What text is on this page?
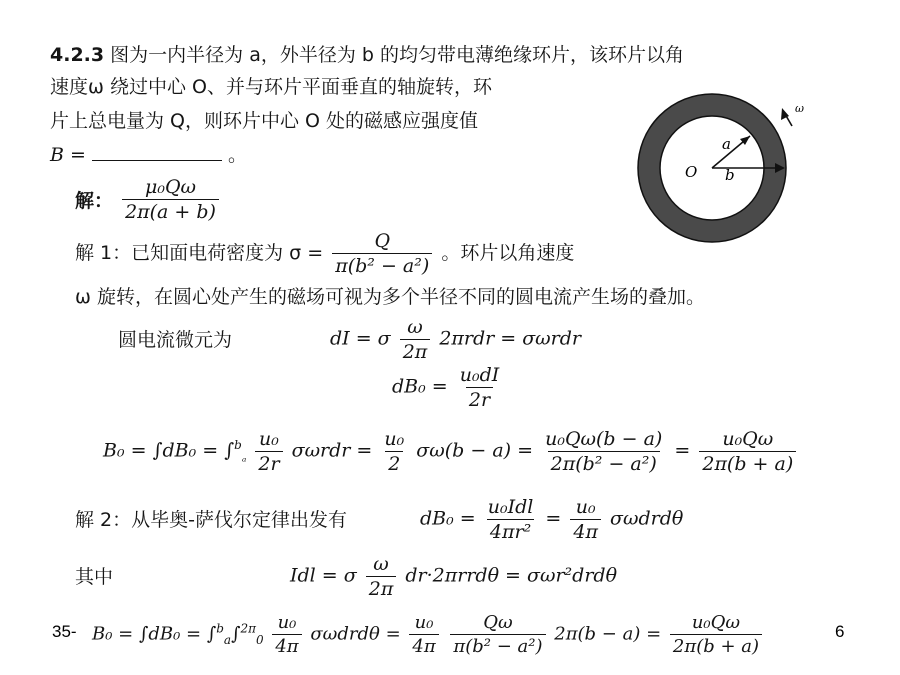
4.2.3 图为一内半径为 a，外半径为 b 的均匀带电薄绝缘环片，该环片以角
速度ω 绕过中心 O、并与环片平面垂直的轴旋转，环
片上总电量为 Q，则环片中心 O 处的磁感应强度值
B =	。
O
a
b
ω
解： $\frac{\text{μ₀Qω}}{2\pi(a + b)}$
解 1：已知面电荷密度为 $\sigma = \frac{Q}{\text{π(b² − a²)}}$ 。环片以角速度
ω 旋转，在圆心处产生的磁场可视为多个半径不同的圆电流产生场的叠加。
圆电流微元为	dI = σ $\frac{\omega}{2\pi} 2\pi rdr = \sigma\omega rdr$
$dB_0 = \frac{\text{u₀dI}}{2r}$
$B_0 = \int dB_0 = \int^b_{_a} \frac{\text{u₀}}{2r}$ $\sigma\omega rdr = \frac{\text{u₀}}{2} \sigma\omega(b - a) = \frac{\text{u₀Qω(b − a)}}{\text{2π(b² − a²)}} = \frac{\text{u₀Qω}}{2\pi(b + a)}$
解 2：从毕奥-萨伐尔定律出发有	$dB_0 = \frac{\text{u₀Idl}}{\text{4πr²}} = \frac{\text{u₀}}{4\pi}$ σωdrdθ
其中	Idl = σ $\frac{\omega}{2\pi} dr\cdot 2\pi rrd\theta = \sigma\omega r^2drd\theta$
$B_0 = \int dB_0 = \int^b_a\int^{2\pi}_0 \frac{\text{u₀}}{4\pi}$ $\sigma\omega drd\theta = \frac{\text{u₀}}{4\pi}$
$\frac{Q\omega}{\text{π(b² − a²)}} 2\pi(b - a) = \frac{\text{u₀Qω}}{2\pi(b + a)}$
35-	6
